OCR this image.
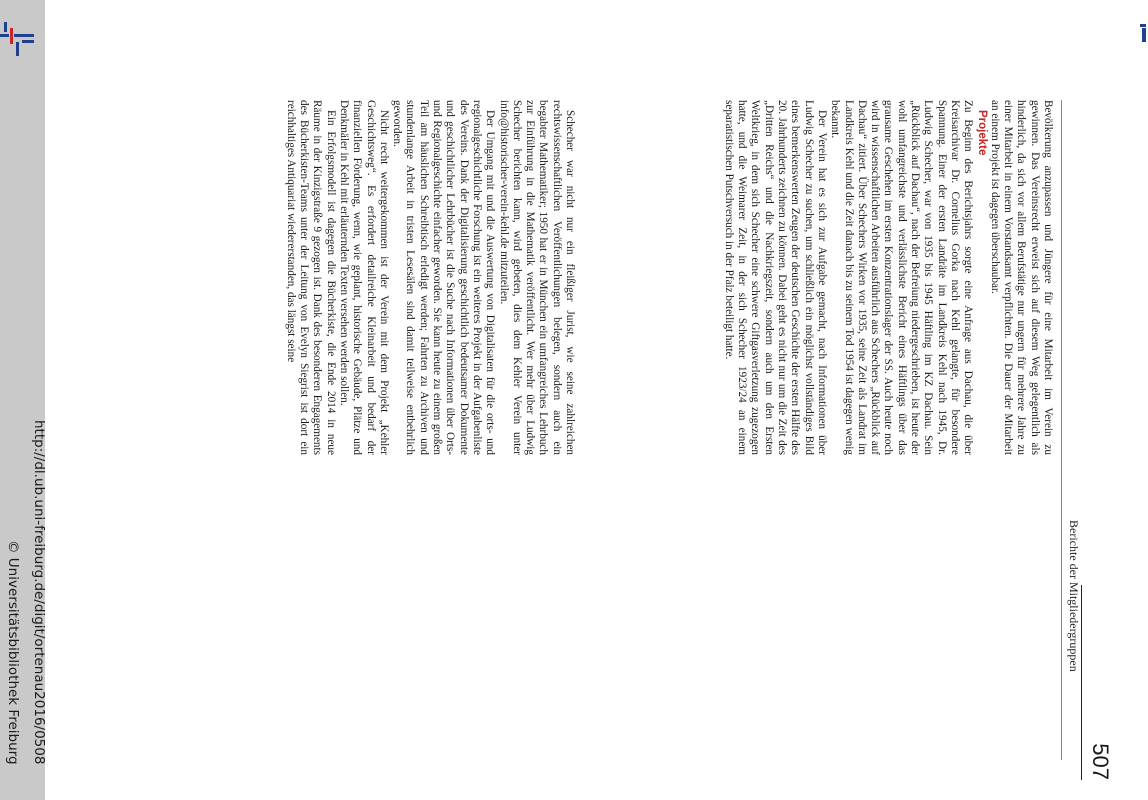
507
Berichte der Mitgliedergruppen

Bevölkerung anzupassen und Jüngere für eine Mitarbeit im Verein zu gewinnen. Das Vereinsrecht erweist sich auf diesem Weg gelegentlich als hinderlich, da sich vor allem Berufstätige nur ungern für mehrere Jahre zu einer Mitarbeit in einem Vorstandsamt verpflichten. Die Dauer der Mitarbeit an einem Projekt ist dagegen überschaubar.

Projekte

Zu Beginn des Berichtsjahrs sorgte eine Anfrage aus Dachau, die über Kreisarchivar Dr. Cornelius Gorka nach Kehl gelangte, für besondere Spannung. Einer der ersten Landräte im Landkreis Kehl nach 1945, Dr. Ludwig Schecher, war von 1935 bis 1945 Häftling im KZ Dachau. Sein „Rückblick auf Dachau“, nach der Befreiung niedergeschrieben, ist heute der wohl umfangreichste und verlässlichste Bericht eines Häftlings über das grausame Geschehen im ersten Konzentrationslager der SS. Auch heute noch wird in wissenschaftlichen Arbeiten ausführlich aus Schechers „Rückblick auf Dachau“ zitiert. Über Schechers Wirken vor 1935, seine Zeit als Landrat im Landkreis Kehl und die Zeit danach bis zu seinem Tod 1954 ist dagegen wenig bekannt.

Der Verein hat es sich zur Aufgabe gemacht, nach Informationen über Ludwig Schecher zu suchen, um schließlich ein möglichst vollständiges Bild eines bemerkenswerten Zeugen der deutschen Geschichte der ersten Hälfte des 20. Jahrhunderts zeichnen zu können. Dabei geht es nicht nur um die Zeit des „Dritten Reichs“ und die Nachkriegszeit, sondern auch um den Ersten Weltkrieg, in dem sich Schecher eine schwere Giftgasverletzung zugezogen hatte, und die Weimarer Zeit, in der sich Schecher 1923/24 an einem separatistischen Putschversuch in der Pfalz beteiligt hatte.

Schecher war nicht nur ein fleißiger Jurist, wie seine zahlreichen rechtswissenschaftlichen Veröffentlichungen belegen, sondern auch ein begabter Mathematiker; 1950 hat er in München ein umfangreiches Lehrbuch zur Einführung in die Mathematik veröffentlicht. Wer mehr über Ludwig Schecher berichten kann, wird gebeten, dies dem Kehler Verein unter info@historischer-verein-kehl.de mitzuteilen.

Der Umgang mit und die Auswertung von Digitalisaten für die orts- und regionalgeschichtliche Forschung ist ein weiteres Projekt in der Aufgabenliste des Vereins. Dank der Digitalisierung geschichtlich bedeutsamer Dokumente und geschichtlicher Lehrbücher ist die Suche nach Informationen über Orts- und Regionalgeschichte einfacher geworden. Sie kann heute zu einem großen Teil am häuslichen Schreibtisch erledigt werden; Fahrten zu Archiven und stundenlange Arbeit in tristen Lesesälen sind damit teilweise entbehrlich geworden.

Nicht recht weitergekommen ist der Verein mit dem Projekt „Kehler Geschichtsweg“. Es erfordert detailreiche Kleinarbeit und bedarf der finanziellen Förderung, wenn, wie geplant, historische Gebäude, Plätze und Denkmäler in Kehl mit erläuternden Texten versehen werden sollen.

Ein Erfolgsmodell ist dagegen die Bücherkiste, die Ende 2014 in neue Räume in der Kinzigstraße 9 gezogen ist. Dank des besonderen Engagements des Bücherkisten-Teams unter der Leitung von Evelyn Siegrist ist dort ein reichhaltiges Antiquariat wiedererstanden, das längst seine

http://dl.ub.uni-freiburg.de/digit/ortenau2016/0508
© Universitätsbibliothek Freiburg
